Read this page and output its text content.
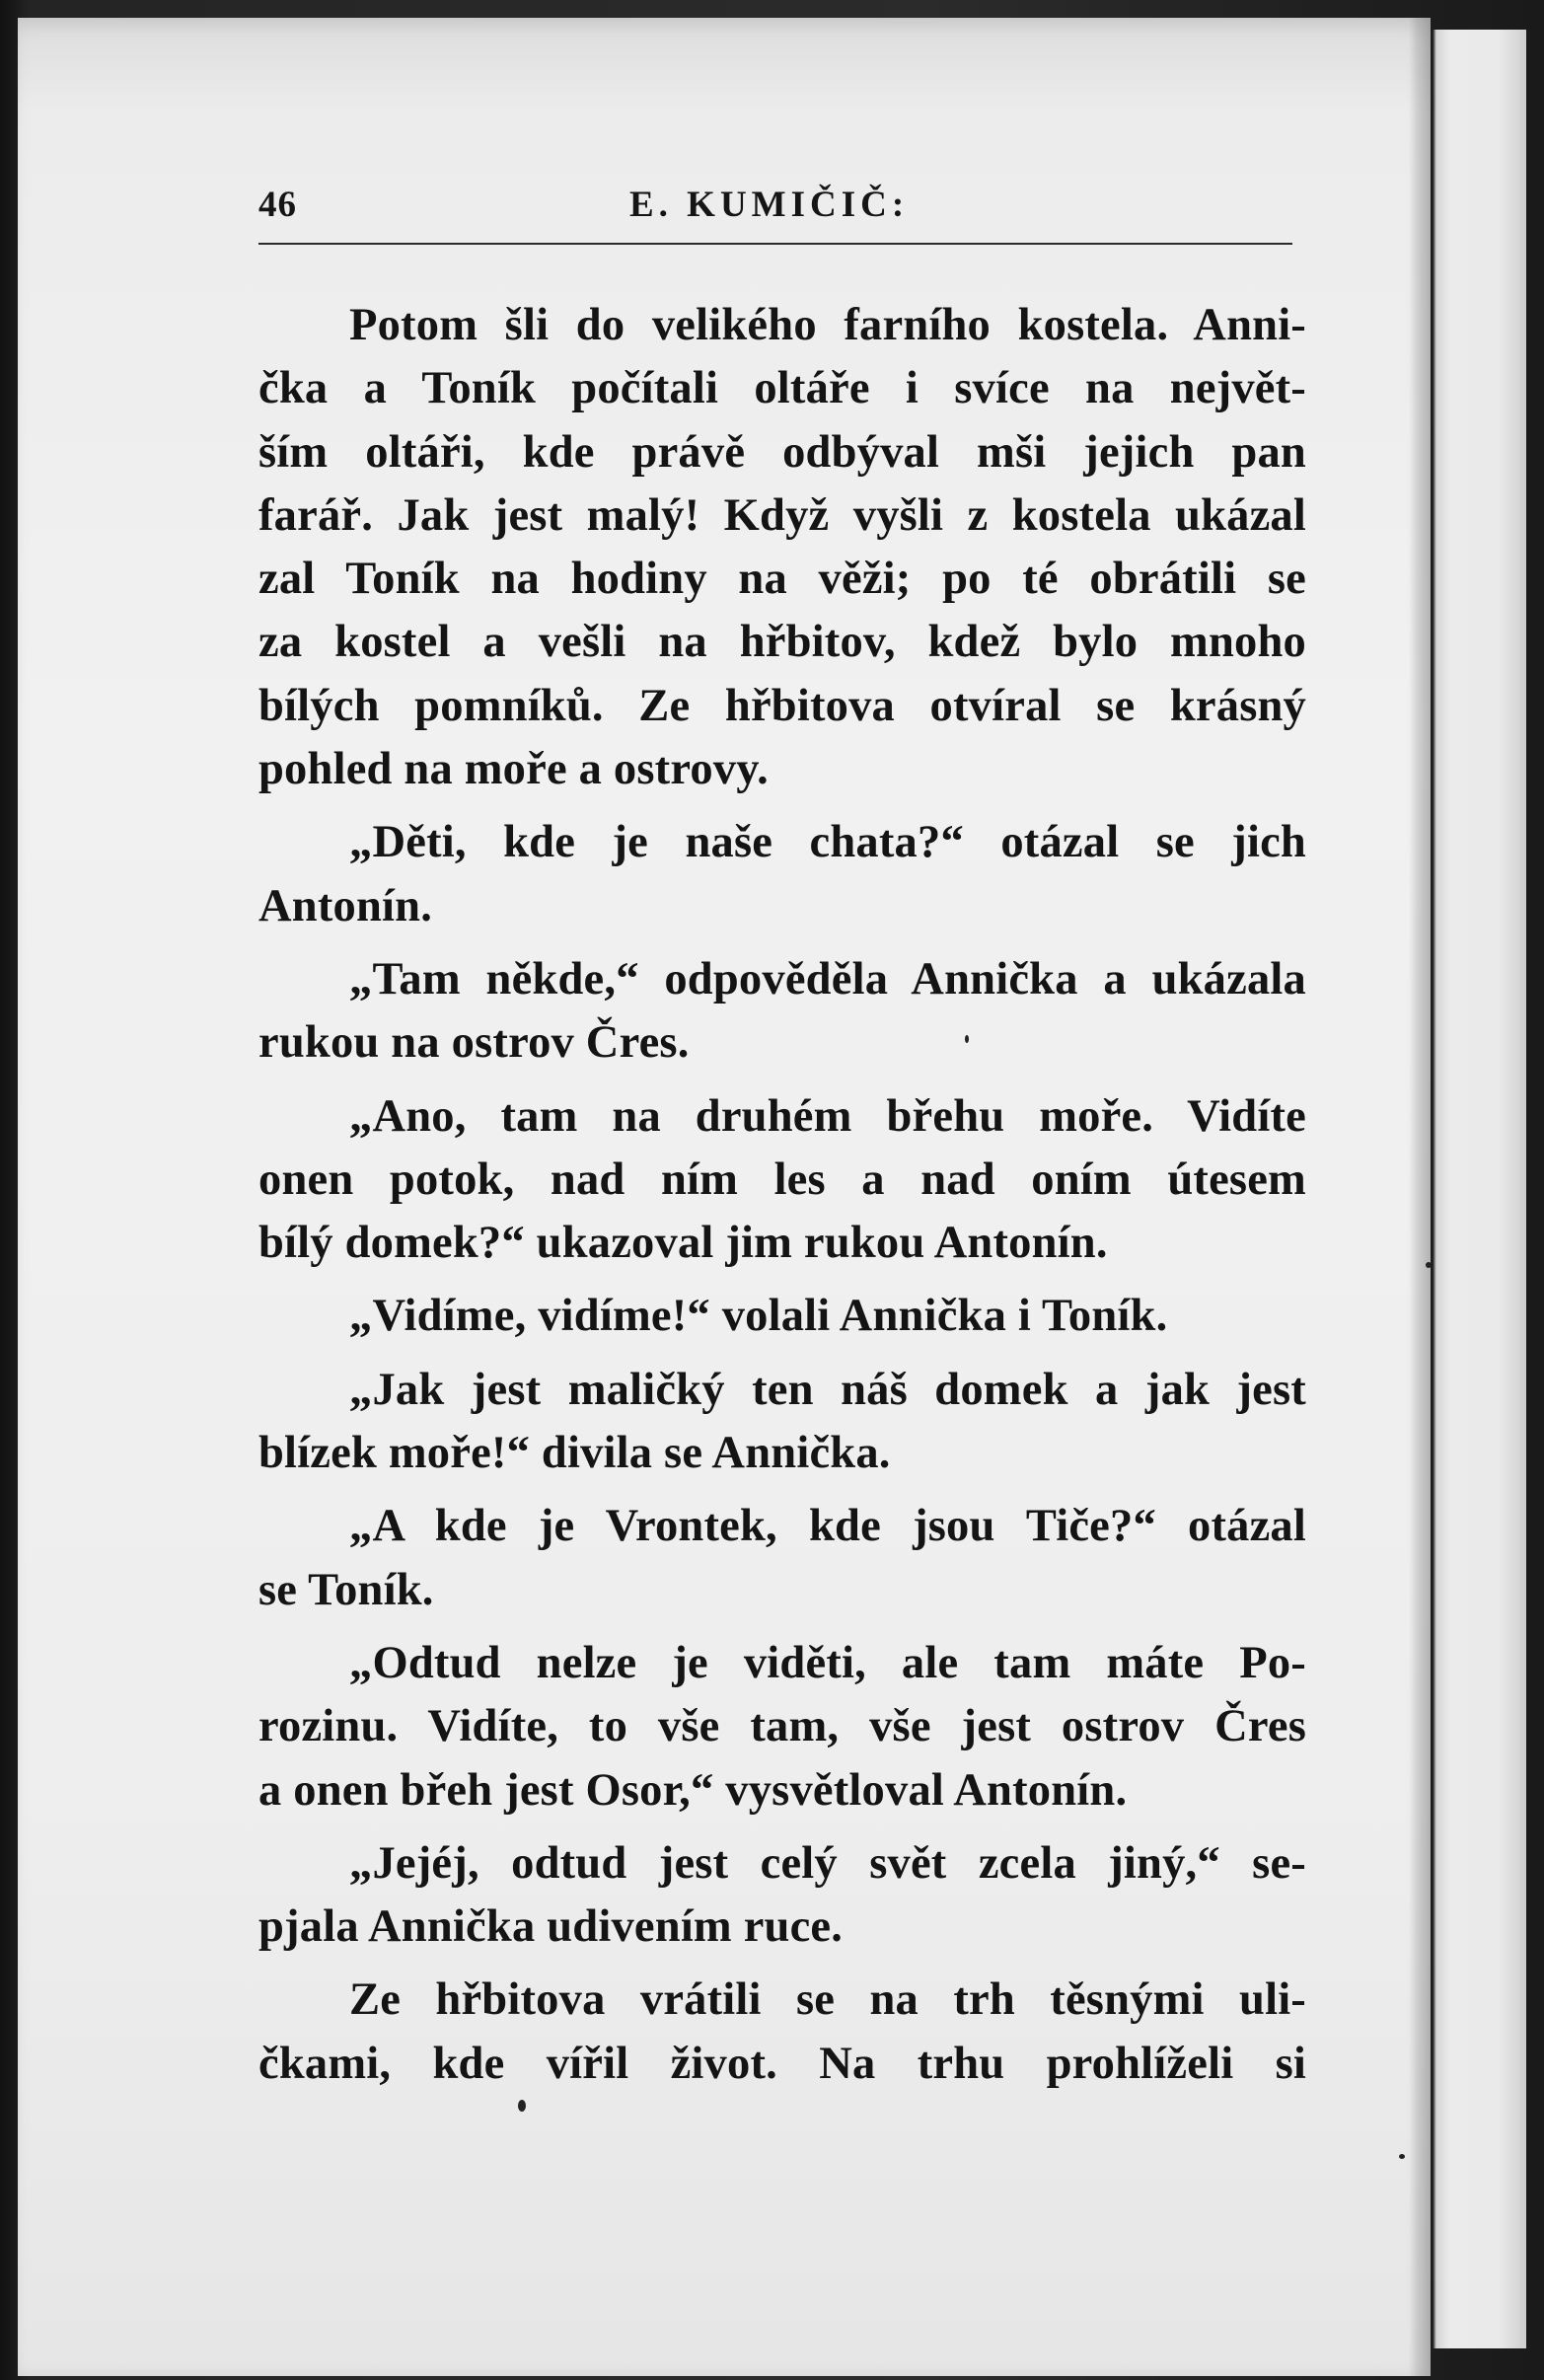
46	E. KUMIČIČ:
Potom šli do velikého farního kostela. Anni-
čka a Toník počítali oltáře i svíce na největ-
ším oltáři, kde právě odbýval mši jejich pan
farář. Jak jest malý! Když vyšli z kostela ukázal
zal Toník na hodiny na věži; po té obrátili se
za kostel a vešli na hřbitov, kdež bylo mnoho
bílých pomníků. Ze hřbitova otvíral se krásný
pohled na moře a ostrovy.
„Děti, kde je naše chata?“ otázal se jich
Antonín.
„Tam někde,“ odpověděla Annička a ukázala
rukou na ostrov Čres.
„Ano, tam na druhém břehu moře. Vidíte
onen potok, nad ním les a nad oním útesem
bílý domek?“ ukazoval jim rukou Antonín.
„Vidíme, vidíme!“ volali Annička i Toník.
„Jak jest maličký ten náš domek a jak jest
blízek moře!“ divila se Annička.
„A kde je Vrontek, kde jsou Tiče?“ otázal
se Toník.
„Odtud nelze je viděti, ale tam máte Po-
rozinu. Vidíte, to vše tam, vše jest ostrov Čres
a onen břeh jest Osor,“ vysvětloval Antonín.
„Jejéj, odtud jest celý svět zcela jiný,“ se-
pjala Annička udivením ruce.
Ze hřbitova vrátili se na trh těsnými uli-
čkami, kde vířil život. Na trhu prohlíželi si
